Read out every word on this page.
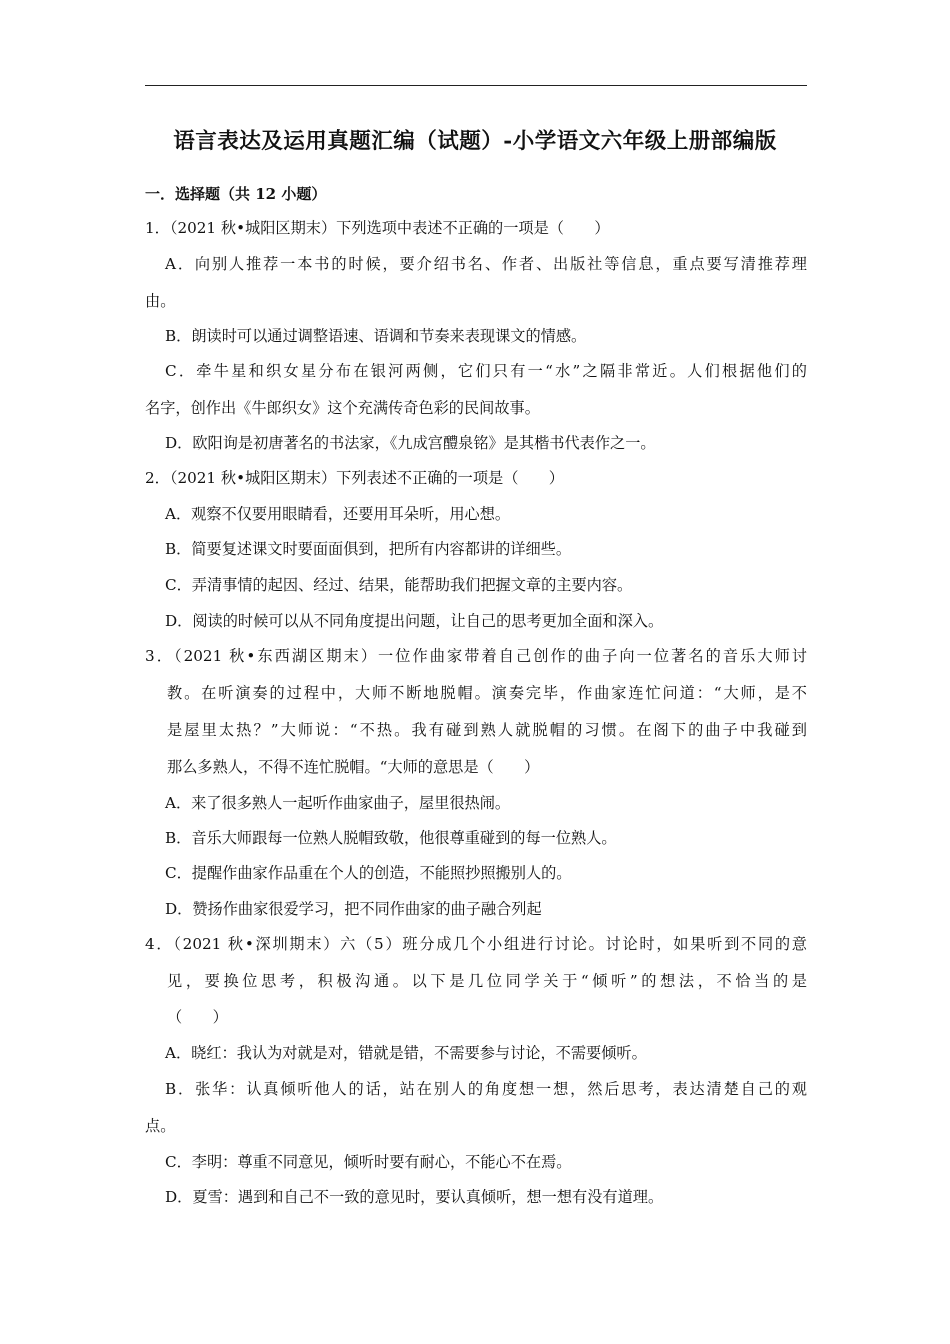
语言表达及运用真题汇编（试题）-小学语文六年级上册部编版
一．选择题（共 12 小题）
1．（2021 秋•城阳区期末）下列选项中表述不正确的一项是（　　）
A．向别人推荐一本书的时候，要介绍书名、作者、出版社等信息，重点要写清推荐理
由。
B．朗读时可以通过调整语速、语调和节奏来表现课文的情感。
C．牵牛星和织女星分布在银河两侧，它们只有一“水”之隔非常近。人们根据他们的
名字，创作出《牛郎织女》这个充满传奇色彩的民间故事。
D．欧阳询是初唐著名的书法家，《九成宫醴泉铭》是其楷书代表作之一。
2．（2021 秋•城阳区期末）下列表述不正确的一项是（　　）
A．观察不仅要用眼睛看，还要用耳朵听，用心想。
B．简要复述课文时要面面俱到，把所有内容都讲的详细些。
C．弄清事情的起因、经过、结果，能帮助我们把握文章的主要内容。
D．阅读的时候可以从不同角度提出问题，让自己的思考更加全面和深入。
3．（2021 秋•东西湖区期末）一位作曲家带着自己创作的曲子向一位著名的音乐大师讨
教。在听演奏的过程中，大师不断地脱帽。演奏完毕，作曲家连忙问道：“大师，是不
是屋里太热？”大师说：“不热。我有碰到熟人就脱帽的习惯。在阁下的曲子中我碰到
那么多熟人，不得不连忙脱帽。“大师的意思是（　　）
A．来了很多熟人一起听作曲家曲子，屋里很热闹。
B．音乐大师跟每一位熟人脱帽致敬，他很尊重碰到的每一位熟人。
C．提醒作曲家作品重在个人的创造，不能照抄照搬别人的。
D．赞扬作曲家很爱学习，把不同作曲家的曲子融合列起
4．（2021 秋•深圳期末）六（5）班分成几个小组进行讨论。讨论时，如果听到不同的意
见，要换位思考，积极沟通。以下是几位同学关于“倾听”的想法，不恰当的是
（　　）
A．晓红：我认为对就是对，错就是错，不需要参与讨论，不需要倾听。
B．张华：认真倾听他人的话，站在别人的角度想一想，然后思考，表达清楚自己的观
点。
C．李明：尊重不同意见，倾听时要有耐心，不能心不在焉。
D．夏雪：遇到和自己不一致的意见时，要认真倾听，想一想有没有道理。
